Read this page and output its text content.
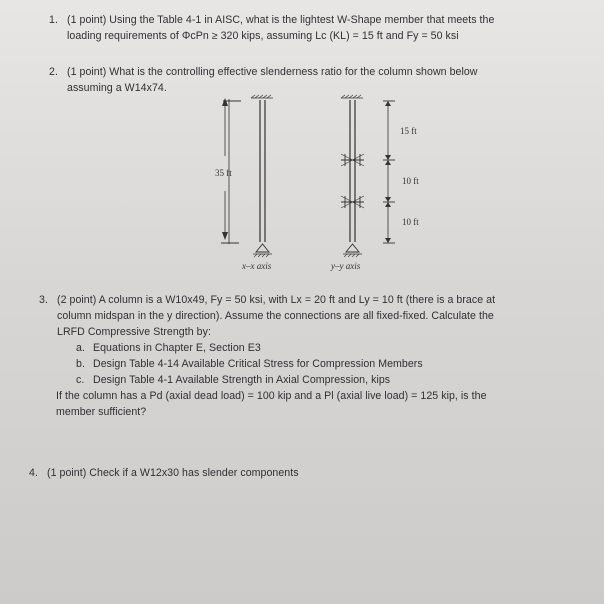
1. (1 point) Using the Table 4-1 in AISC, what is the lightest W-Shape member that meets the
loading requirements of ΦcPn ≥ 320 kips, assuming Lc (KL) = 15 ft and Fy = 50 ksi
2. (1 point) What is the controlling effective slenderness ratio for the column shown below
assuming a W14x74.
35 ft
x–x axis
15 ft
10 ft
10 ft
y–y axis
3. (2 point) A column is a W10x49, Fy = 50 ksi, with Lx = 20 ft and Ly = 10 ft (there is a brace at
column midspan in the y direction). Assume the connections are all fixed-fixed. Calculate the
LRFD Compressive Strength by:
a. Equations in Chapter E, Section E3
b. Design Table 4-14 Available Critical Stress for Compression Members
c. Design Table 4-1 Available Strength in Axial Compression, kips
If the column has a Pd (axial dead load) = 100 kip and a Pl (axial live load) = 125 kip, is the
member sufficient?
4. (1 point) Check if a W12x30 has slender components
